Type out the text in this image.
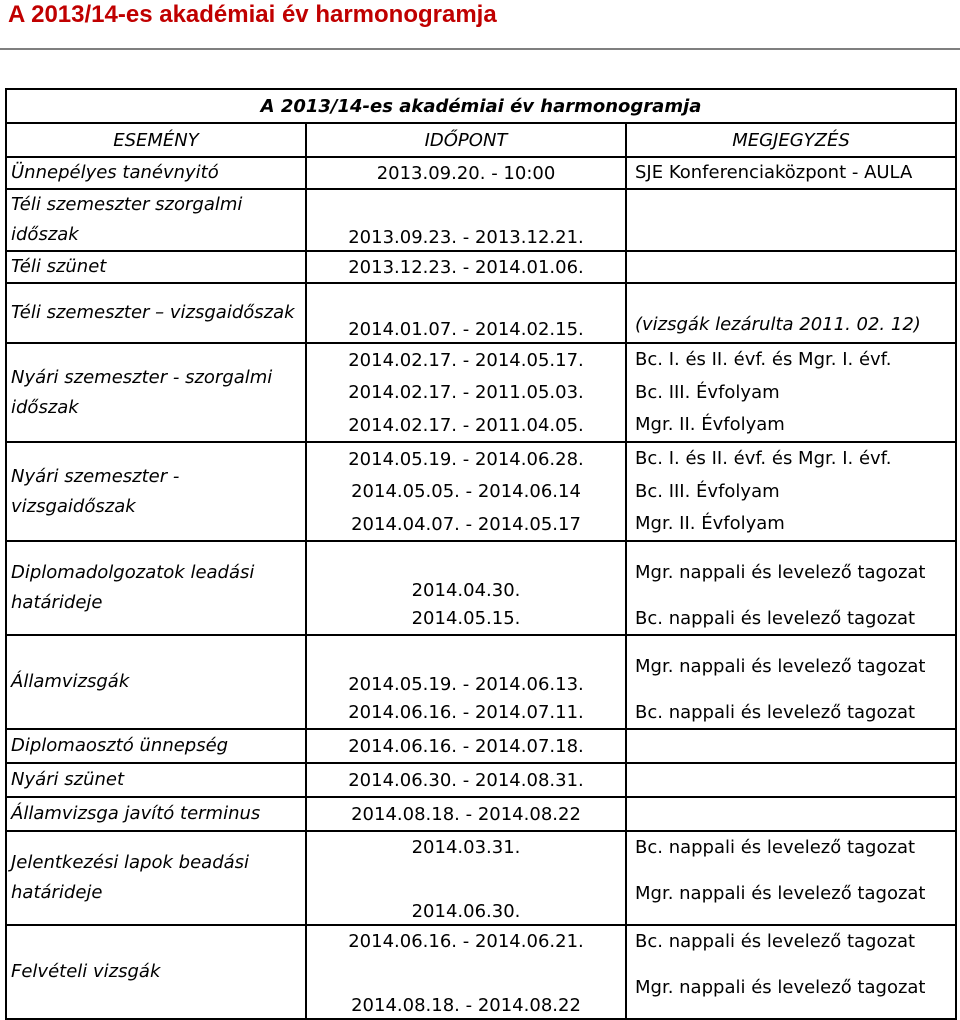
A 2013/14-es akadémiai év harmonogramja
A 2013/14-es akadémiai év harmonogramja		
ESEMÉNY	IDŐPONT	MEGJEGYZÉS
Ünnepélyes tanévnyitó	2013.09.20. - 10:00	SJE Konferenciaközpont - AULA
Téli szemeszter szorgalmi időszak	2013.09.23. - 2013.12.21.	
Téli szünet	2013.12.23. - 2014.01.06.	
Téli szemeszter – vizsgaidőszak	2014.01.07. - 2014.02.15.	(vizsgák lezárulta 2011. 02. 12)
Nyári szemeszter - szorgalmi időszak	2014.02.17. - 2014.05.17.	Bc. I. és II. évf. és Mgr. I. évf.
	2014.02.17. - 2011.05.03.	Bc. III. Évfolyam
	2014.02.17. - 2011.04.05.	Mgr. II. Évfolyam
Nyári szemeszter - vizsgaidőszak	2014.05.19. - 2014.06.28.	Bc. I. és II. évf. és Mgr. I. évf.
	2014.05.05. - 2014.06.14	Bc. III. Évfolyam
	2014.04.07. - 2014.05.17	Mgr. II. Évfolyam
Diplomadolgozatok leadási határideje	2014.04.30.	Mgr. nappali és levelező tagozat
	2014.05.15.	Bc. nappali és levelező tagozat
Államvizsgák	2014.05.19. - 2014.06.13.	Mgr. nappali és levelező tagozat
	2014.06.16. - 2014.07.11.	Bc. nappali és levelező tagozat
Diplomaosztó ünnepség	2014.06.16. - 2014.07.18.	
Nyári szünet	2014.06.30. - 2014.08.31.	
Államvizsga javító terminus	2014.08.18. - 2014.08.22	
Jelentkezési lapok beadási határideje	2014.03.31.	Bc. nappali és levelező tagozat
	2014.06.30.	Mgr. nappali és levelező tagozat
Felvételi vizsgák	2014.06.16. - 2014.06.21.	Bc. nappali és levelező tagozat
	2014.08.18. - 2014.08.22	Mgr. nappali és levelező tagozat
